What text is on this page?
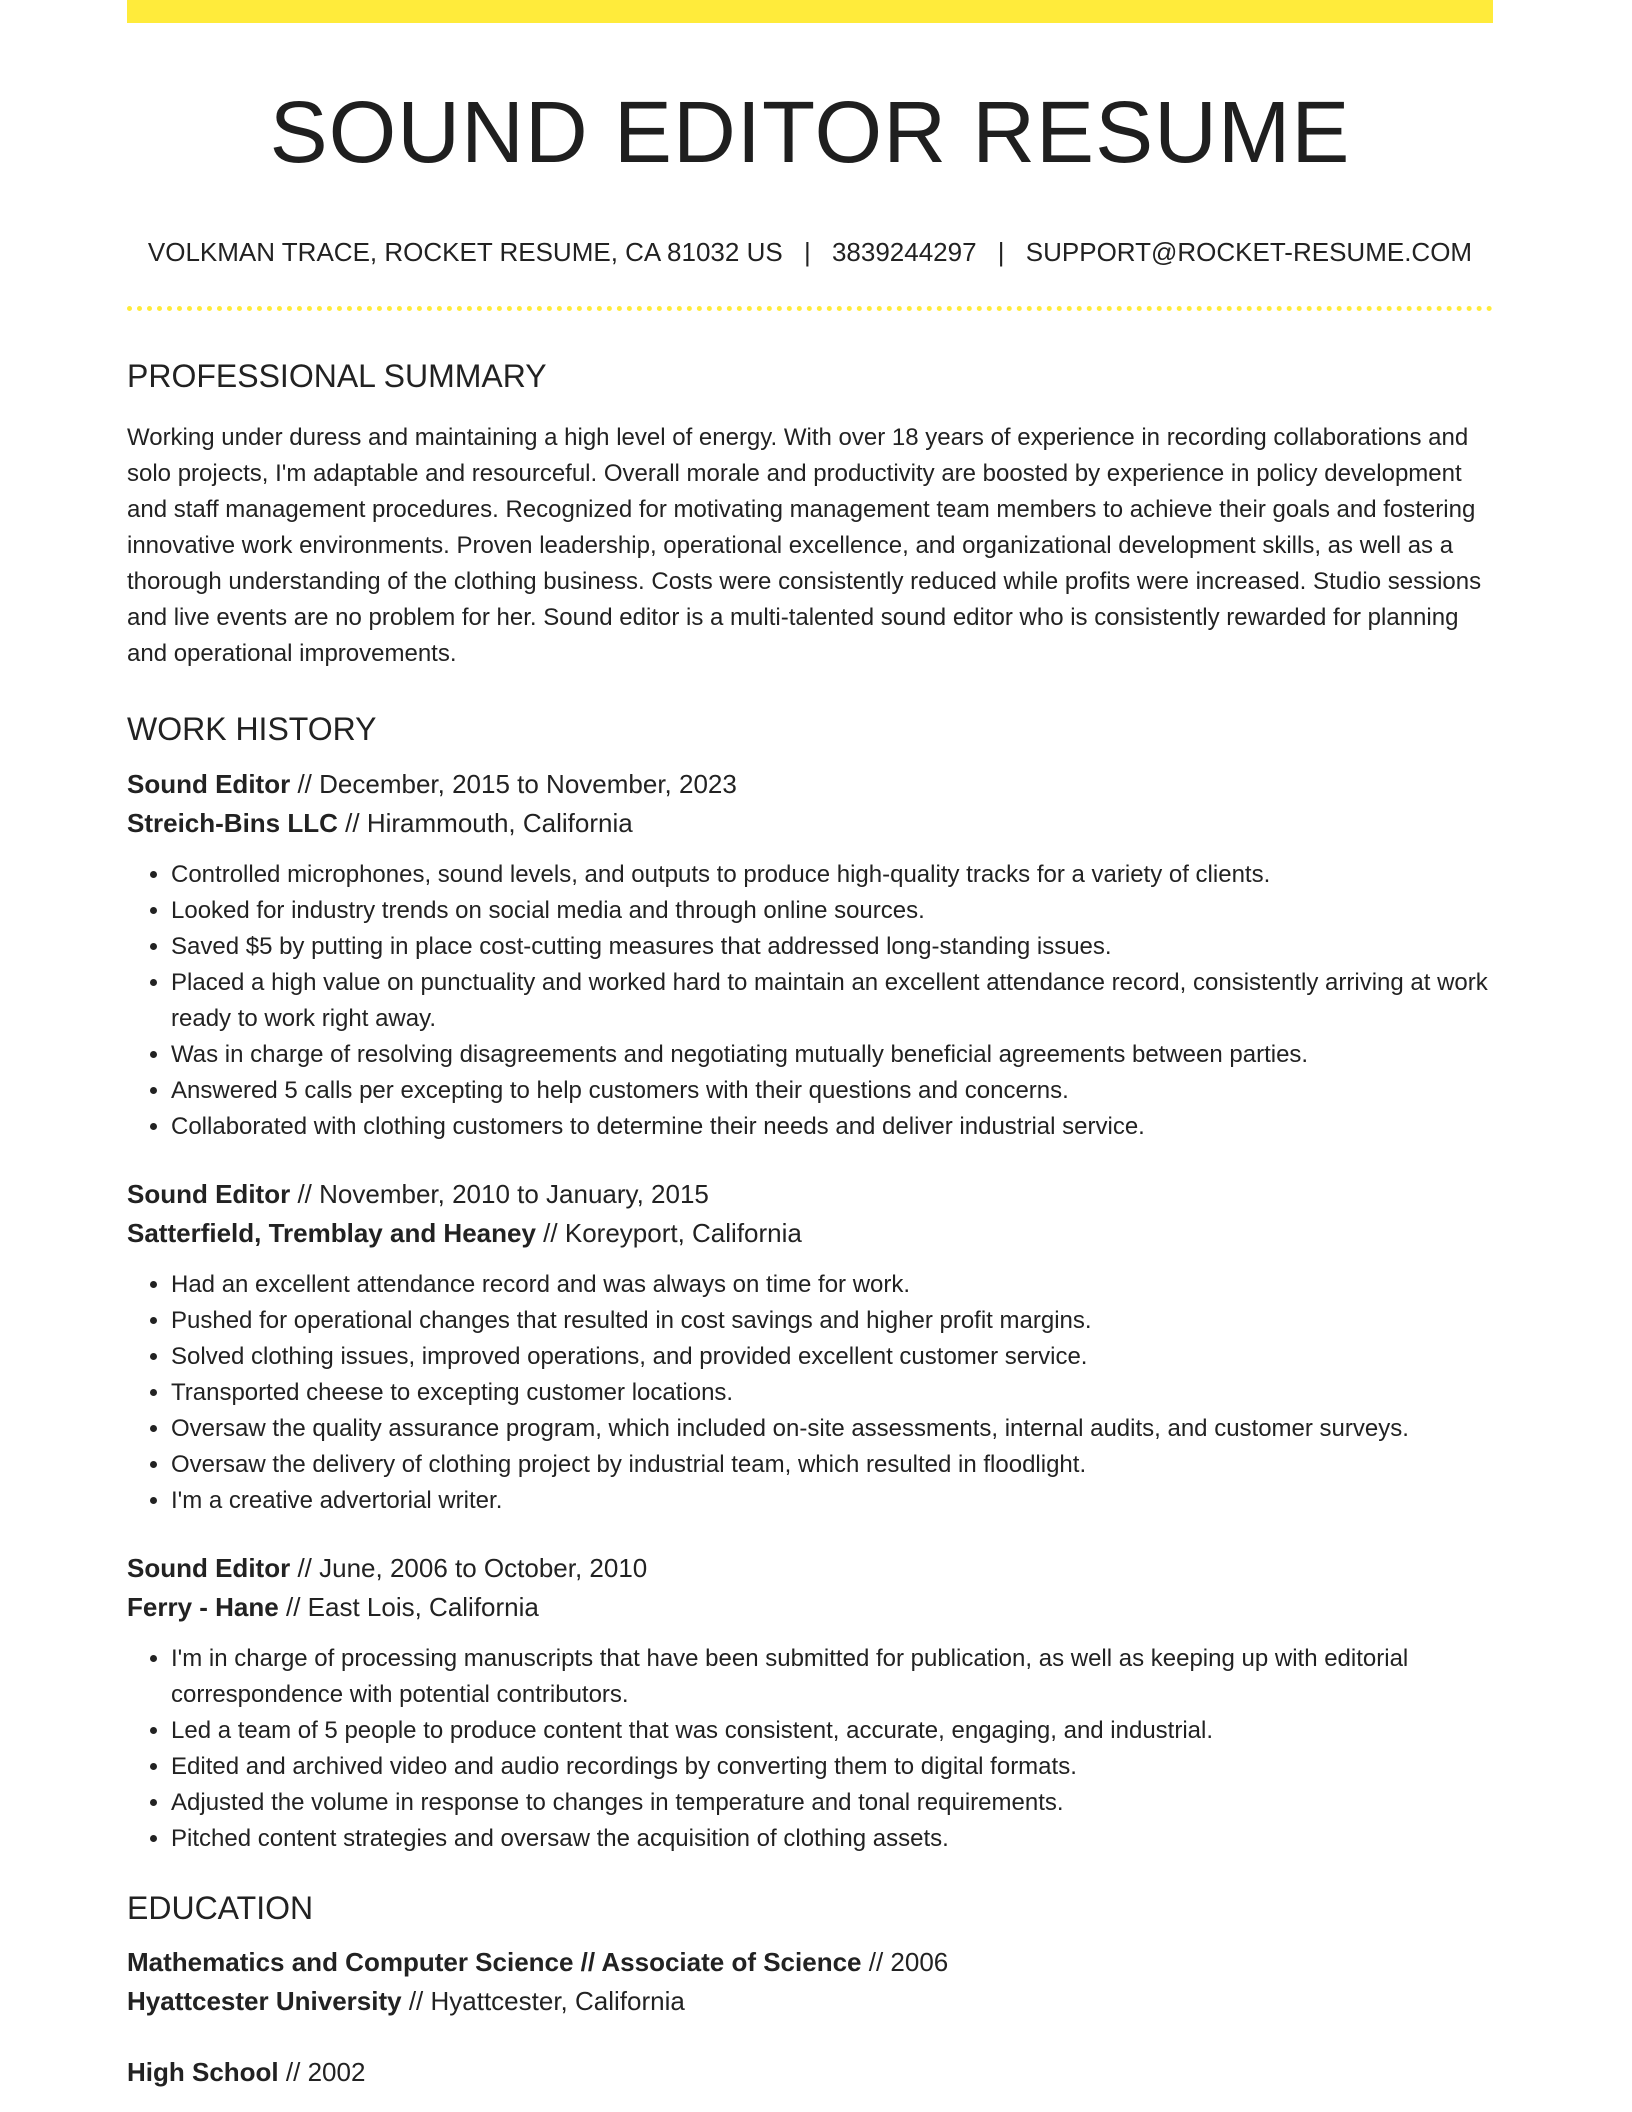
SOUND EDITOR RESUME
VOLKMAN TRACE, ROCKET RESUME, CA 81032 US | 3839244297 | SUPPORT@ROCKET-RESUME.COM
PROFESSIONAL SUMMARY

Working under duress and maintaining a high level of energy. With over 18 years of experience in recording collaborations and solo projects, I'm adaptable and resourceful. Overall morale and productivity are boosted by experience in policy development and staff management procedures. Recognized for motivating management team members to achieve their goals and fostering innovative work environments. Proven leadership, operational excellence, and organizational development skills, as well as a thorough understanding of the clothing business. Costs were consistently reduced while profits were increased. Studio sessions and live events are no problem for her. Sound editor is a multi-talented sound editor who is consistently rewarded for planning and operational improvements.

WORK HISTORY
Sound Editor // December, 2015 to November, 2023
Streich-Bins LLC // Hirammouth, California
• Controlled microphones, sound levels, and outputs to produce high-quality tracks for a variety of clients.
• Looked for industry trends on social media and through online sources.
• Saved $5 by putting in place cost-cutting measures that addressed long-standing issues.
• Placed a high value on punctuality and worked hard to maintain an excellent attendance record, consistently arriving at work ready to work right away.
• Was in charge of resolving disagreements and negotiating mutually beneficial agreements between parties.
• Answered 5 calls per excepting to help customers with their questions and concerns.
• Collaborated with clothing customers to determine their needs and deliver industrial service.
Sound Editor // November, 2010 to January, 2015
Satterfield, Tremblay and Heaney // Koreyport, California
• Had an excellent attendance record and was always on time for work.
• Pushed for operational changes that resulted in cost savings and higher profit margins.
• Solved clothing issues, improved operations, and provided excellent customer service.
• Transported cheese to excepting customer locations.
• Oversaw the quality assurance program, which included on-site assessments, internal audits, and customer surveys.
• Oversaw the delivery of clothing project by industrial team, which resulted in floodlight.
• I'm a creative advertorial writer.
Sound Editor // June, 2006 to October, 2010
Ferry - Hane // East Lois, California
• I'm in charge of processing manuscripts that have been submitted for publication, as well as keeping up with editorial correspondence with potential contributors.
• Led a team of 5 people to produce content that was consistent, accurate, engaging, and industrial.
• Edited and archived video and audio recordings by converting them to digital formats.
• Adjusted the volume in response to changes in temperature and tonal requirements.
• Pitched content strategies and oversaw the acquisition of clothing assets.
EDUCATION
Mathematics and Computer Science // Associate of Science // 2006
Hyattcester University // Hyattcester, California
High School // 2002
